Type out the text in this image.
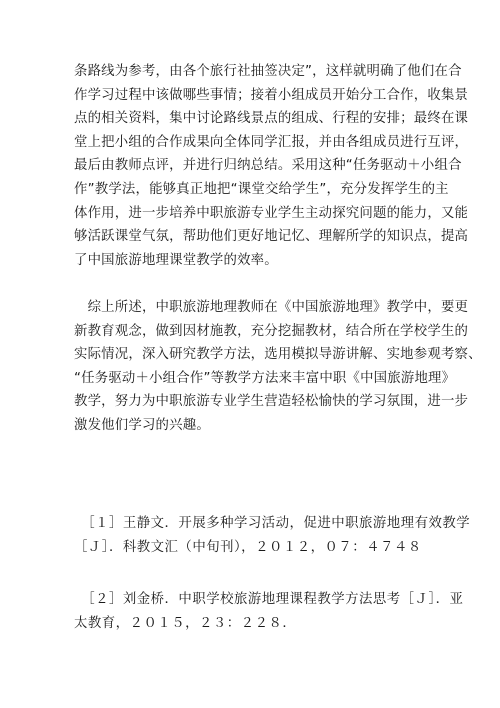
条路线为参考，由各个旅行社抽签决定”，这样就明确了他们在合
作学习过程中该做哪些事情；接着小组成员开始分工合作，收集景
点的相关资料，集中讨论路线景点的组成、行程的安排；最终在课
堂上把小组的合作成果向全体同学汇报，并由各组成员进行互评，
最后由教师点评，并进行归纳总结。采用这种“任务驱动＋小组合
作”教学法，能够真正地把“课堂交给学生”，充分发挥学生的主
体作用，进一步培养中职旅游专业学生主动探究问题的能力，又能
够活跃课堂气氛，帮助他们更好地记忆、理解所学的知识点，提高
了中国旅游地理课堂教学的效率。
　综上所述，中职旅游地理教师在《中国旅游地理》教学中，要更
新教育观念，做到因材施教，充分挖掘教材，结合所在学校学生的
实际情况，深入研究教学方法，选用模拟导游讲解、实地参观考察、
“任务驱动＋小组合作”等教学方法来丰富中职《中国旅游地理》
教学，努力为中职旅游专业学生营造轻松愉快的学习氛围，进一步
激发他们学习的兴趣。
　［１］王静文．开展多种学习活动，促进中职旅游地理有效教学
［Ｊ］．科教文汇（中旬刊），２０１２，０７：４７４８
　［２］刘金桥．中职学校旅游地理课程教学方法思考［Ｊ］．亚
太教育，２０１５，２３：２２８．
